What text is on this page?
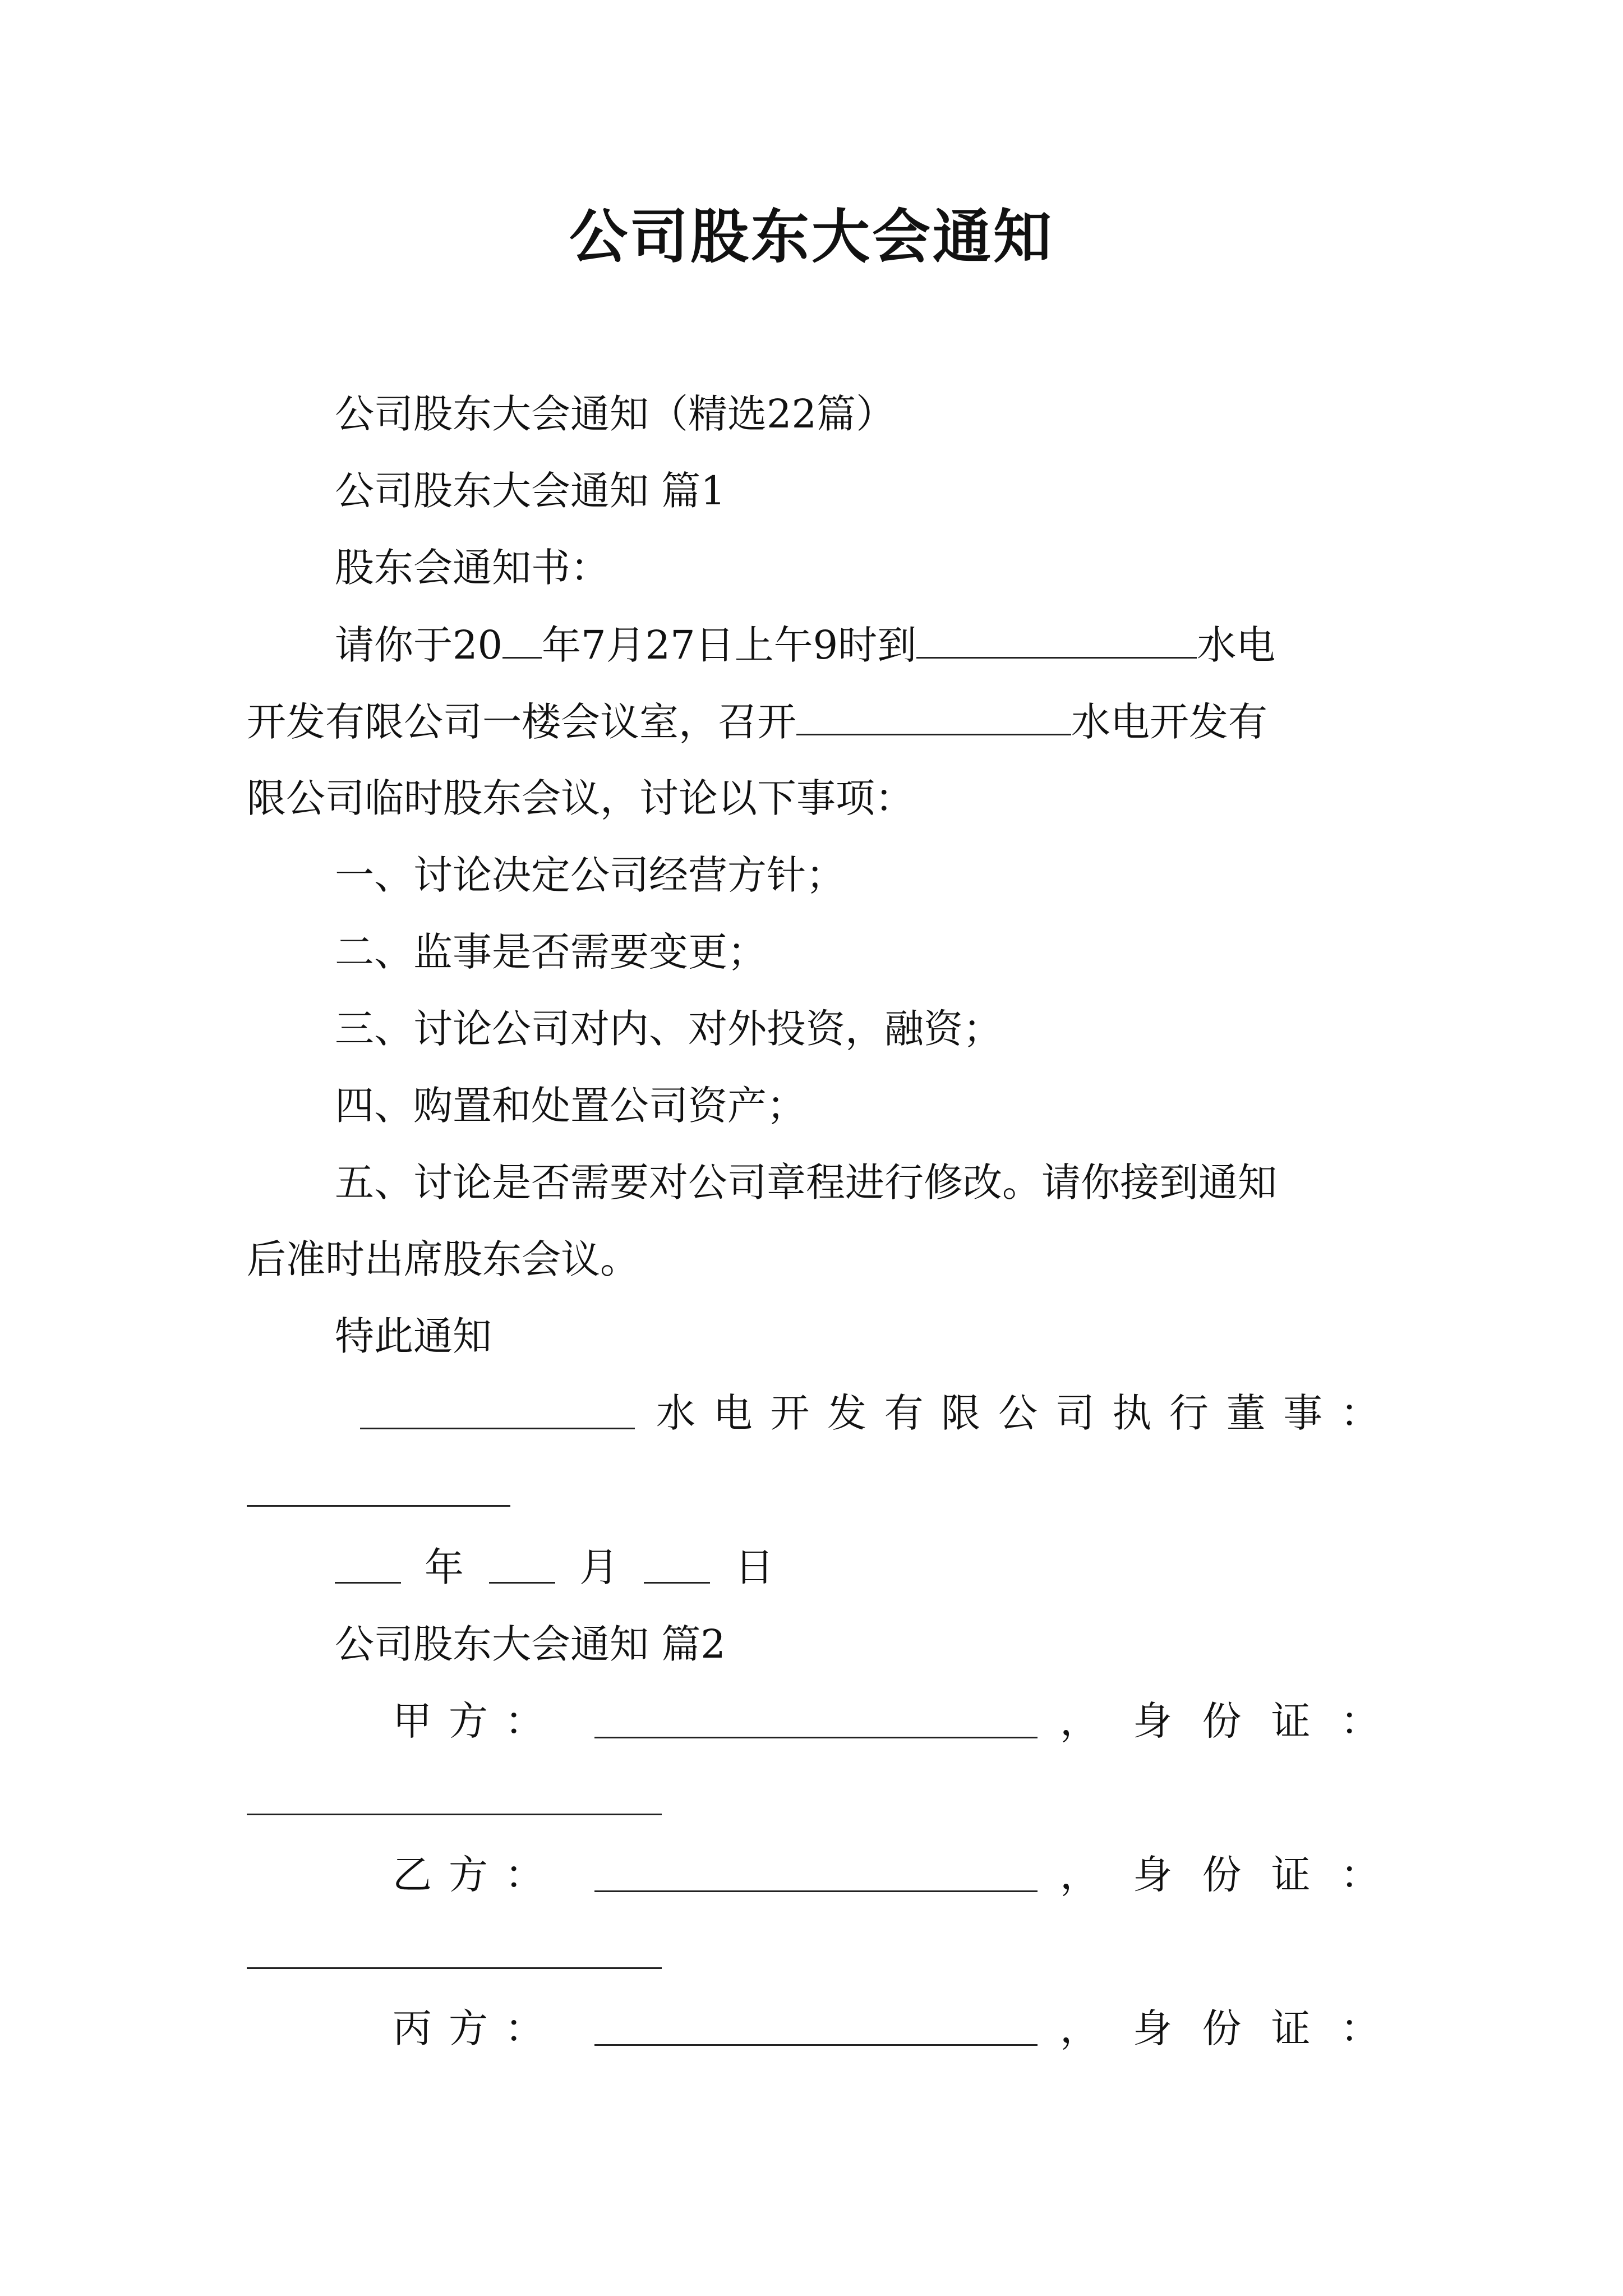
公司股东大会通知
公司股东大会通知（精选22篇）
公司股东大会通知 篇1
股东会通知书：
请你于20 年7月27日上午9时到	水电
开发有限公司一楼会议室，召开	水电开发有
限公司临时股东会议，讨论以下事项：
一、讨论决定公司经营方针；
二、监事是否需要变更；
三、讨论公司对内、对外投资，融资；
四、购置和处置公司资产；
五、讨论是否需要对公司章程进行修改。请你接到通知
后准时出席股东会议。
特此通知
水 电 开 发 有 限 公 司 执 行 董 事 ：
年	月	日
公司股东大会通知 篇2
甲 方 ：	， 身 份 证 ：
乙 方 ：	， 身 份 证 ：
丙 方 ：	， 身 份 证 ：
